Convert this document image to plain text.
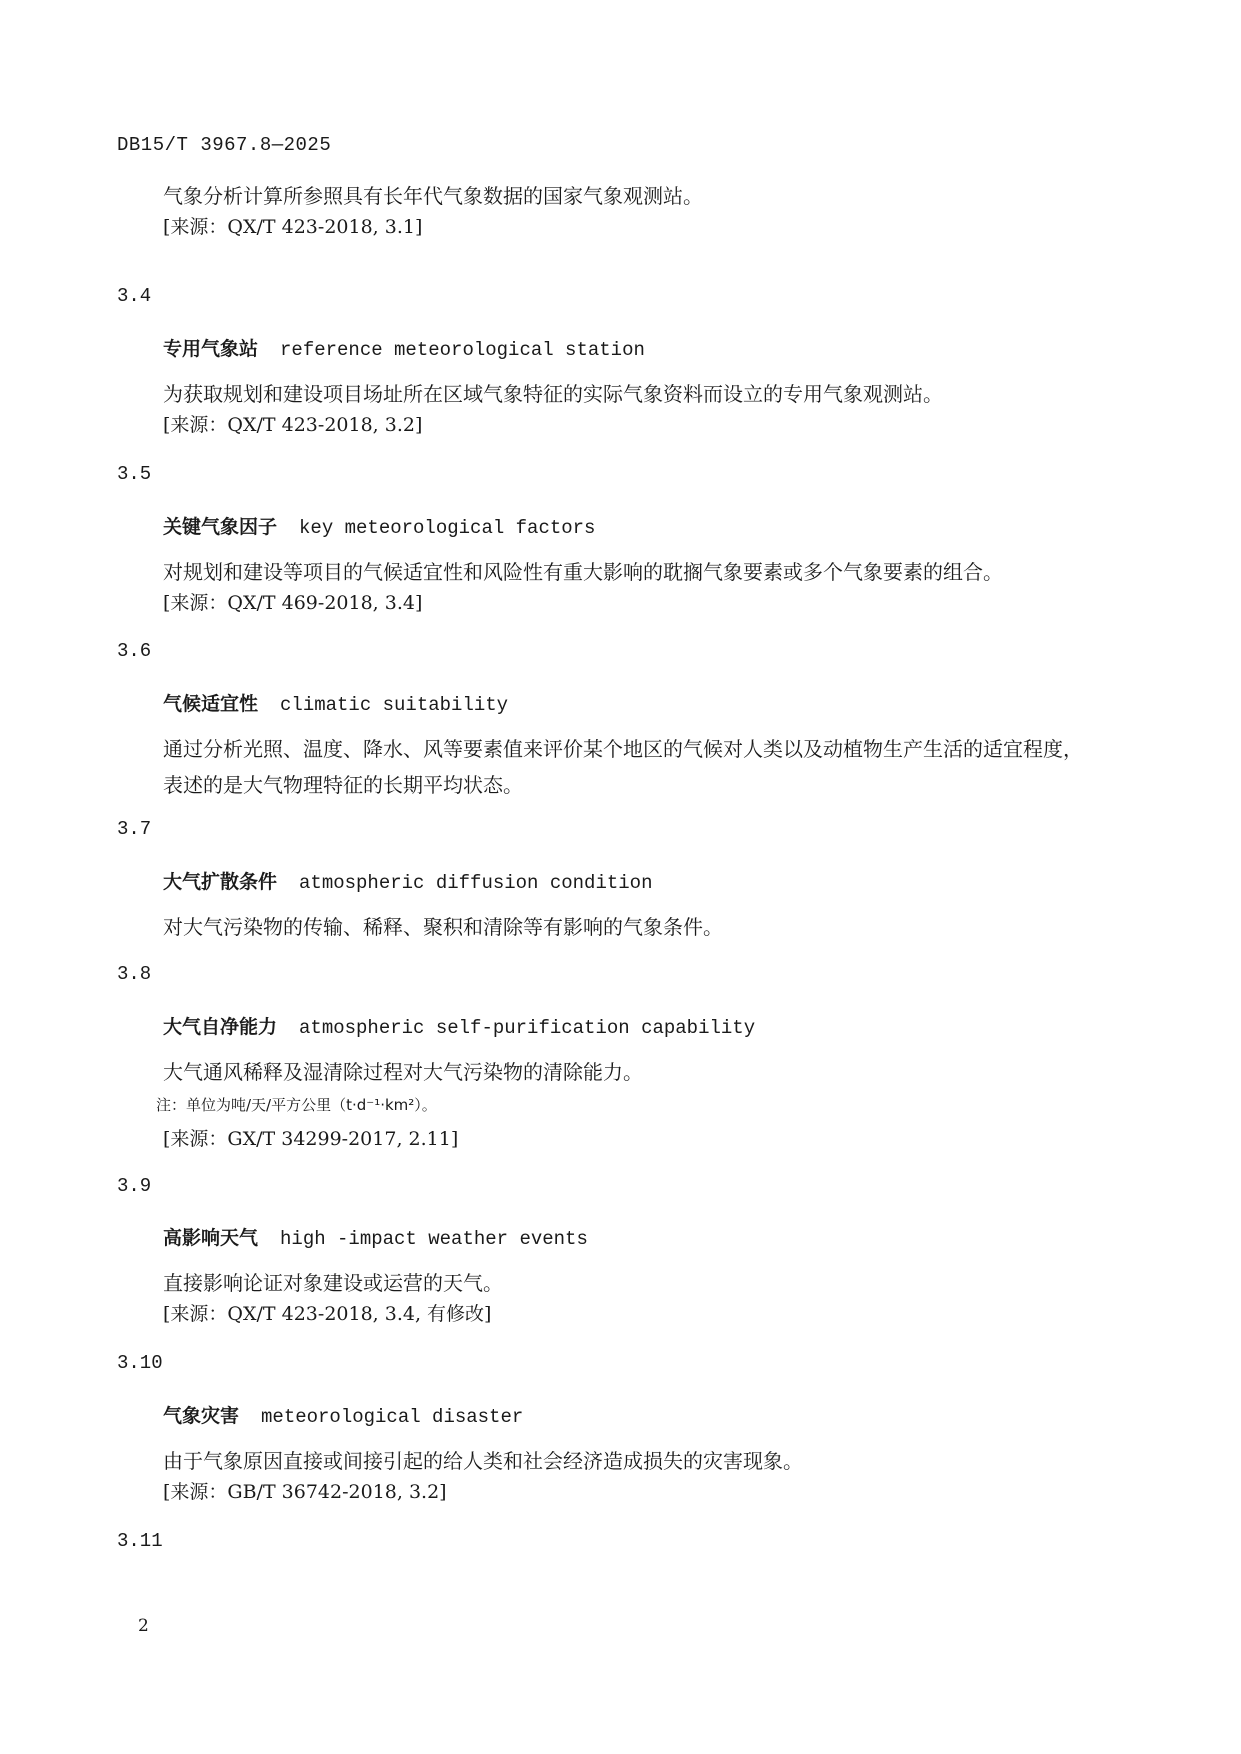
DB15/T 3967.8—2025

气象分析计算所参照具有长年代气象数据的国家气象观测站。

[来源：QX/T 423-2018, 3.1]
3.4
专用气象站 reference meteorological station

为获取规划和建设项目场址所在区域气象特征的实际气象资料而设立的专用气象观测站。

[来源：QX/T 423-2018, 3.2]
3.5
关键气象因子 key meteorological factors

对规划和建设等项目的气候适宜性和风险性有重大影响的耽搁气象要素或多个气象要素的组合。

[来源：QX/T 469-2018, 3.4]
3.6
气候适宜性 climatic suitability

通过分析光照、温度、降水、风等要素值来评价某个地区的气候对人类以及动植物生产生活的适宜程度，表述的是大气物理特征的长期平均状态。

3.7
大气扩散条件 atmospheric diffusion condition

对大气污染物的传输、稀释、聚积和清除等有影响的气象条件。

3.8
大气自净能力 atmospheric self-purification capability

大气通风稀释及湿清除过程对大气污染物的清除能力。

注：单位为吨/天/平方公里（t·d⁻¹·km²）。
[来源：GX/T 34299-2017, 2.11]
3.9
高影响天气 high -impact weather events

直接影响论证对象建设或运营的天气。

[来源：QX/T 423-2018, 3.4, 有修改]
3.10
气象灾害 meteorological disaster

由于气象原因直接或间接引起的给人类和社会经济造成损失的灾害现象。

[来源：GB/T 36742-2018, 3.2]
3.11
2
